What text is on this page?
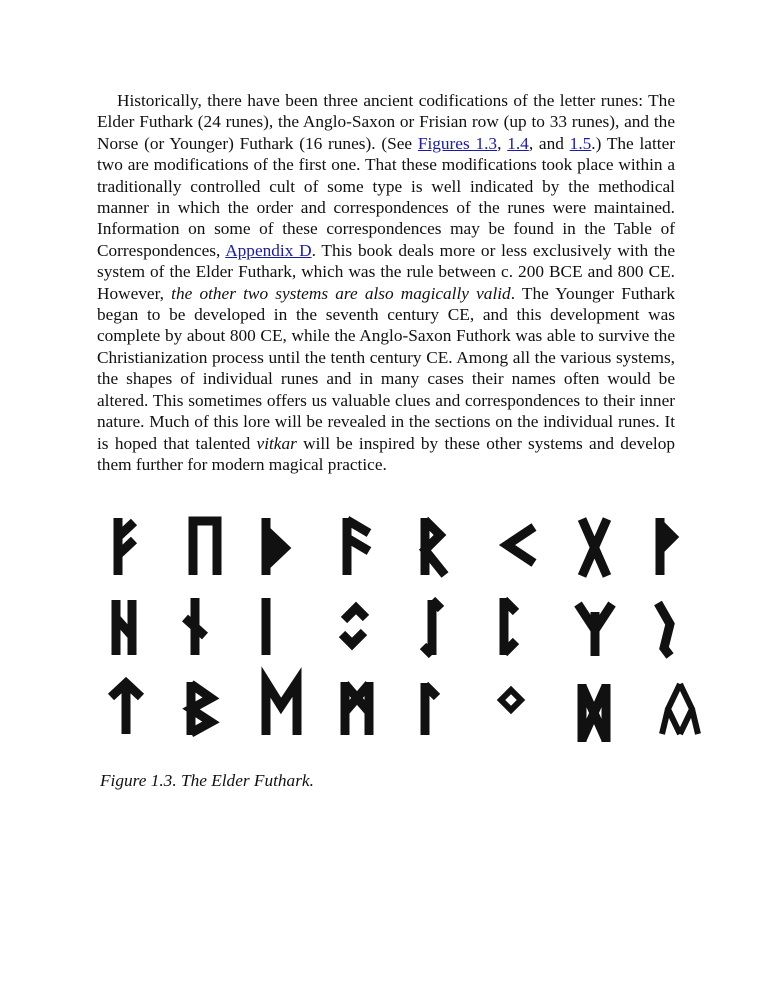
Historically, there have been three ancient codifications of the letter runes: The Elder Futhark (24 runes), the Anglo-Saxon or Frisian row (up to 33 runes), and the Norse (or Younger) Futhark (16 runes). (See Figures 1.3, 1.4, and 1.5.) The latter two are modifications of the first one. That these modifications took place within a traditionally controlled cult of some type is well indicated by the methodical manner in which the order and correspondences of the runes were maintained. Information on some of these correspondences may be found in the Table of Correspondences, Appendix D. This book deals more or less exclusively with the system of the Elder Futhark, which was the rule between c. 200 BCE and 800 CE. However, the other two systems are also magically valid. The Younger Futhark began to be developed in the seventh century CE, and this development was complete by about 800 CE, while the Anglo-Saxon Futhork was able to survive the Christianization process until the tenth century CE. Among all the various systems, the shapes of individual runes and in many cases their names often would be altered. This sometimes offers us valuable clues and correspondences to their inner nature. Much of this lore will be revealed in the sections on the individual runes. It is hoped that talented vitkar will be inspired by these other systems and develop them further for modern magical practice.

Figure 1.3. The Elder Futhark.
